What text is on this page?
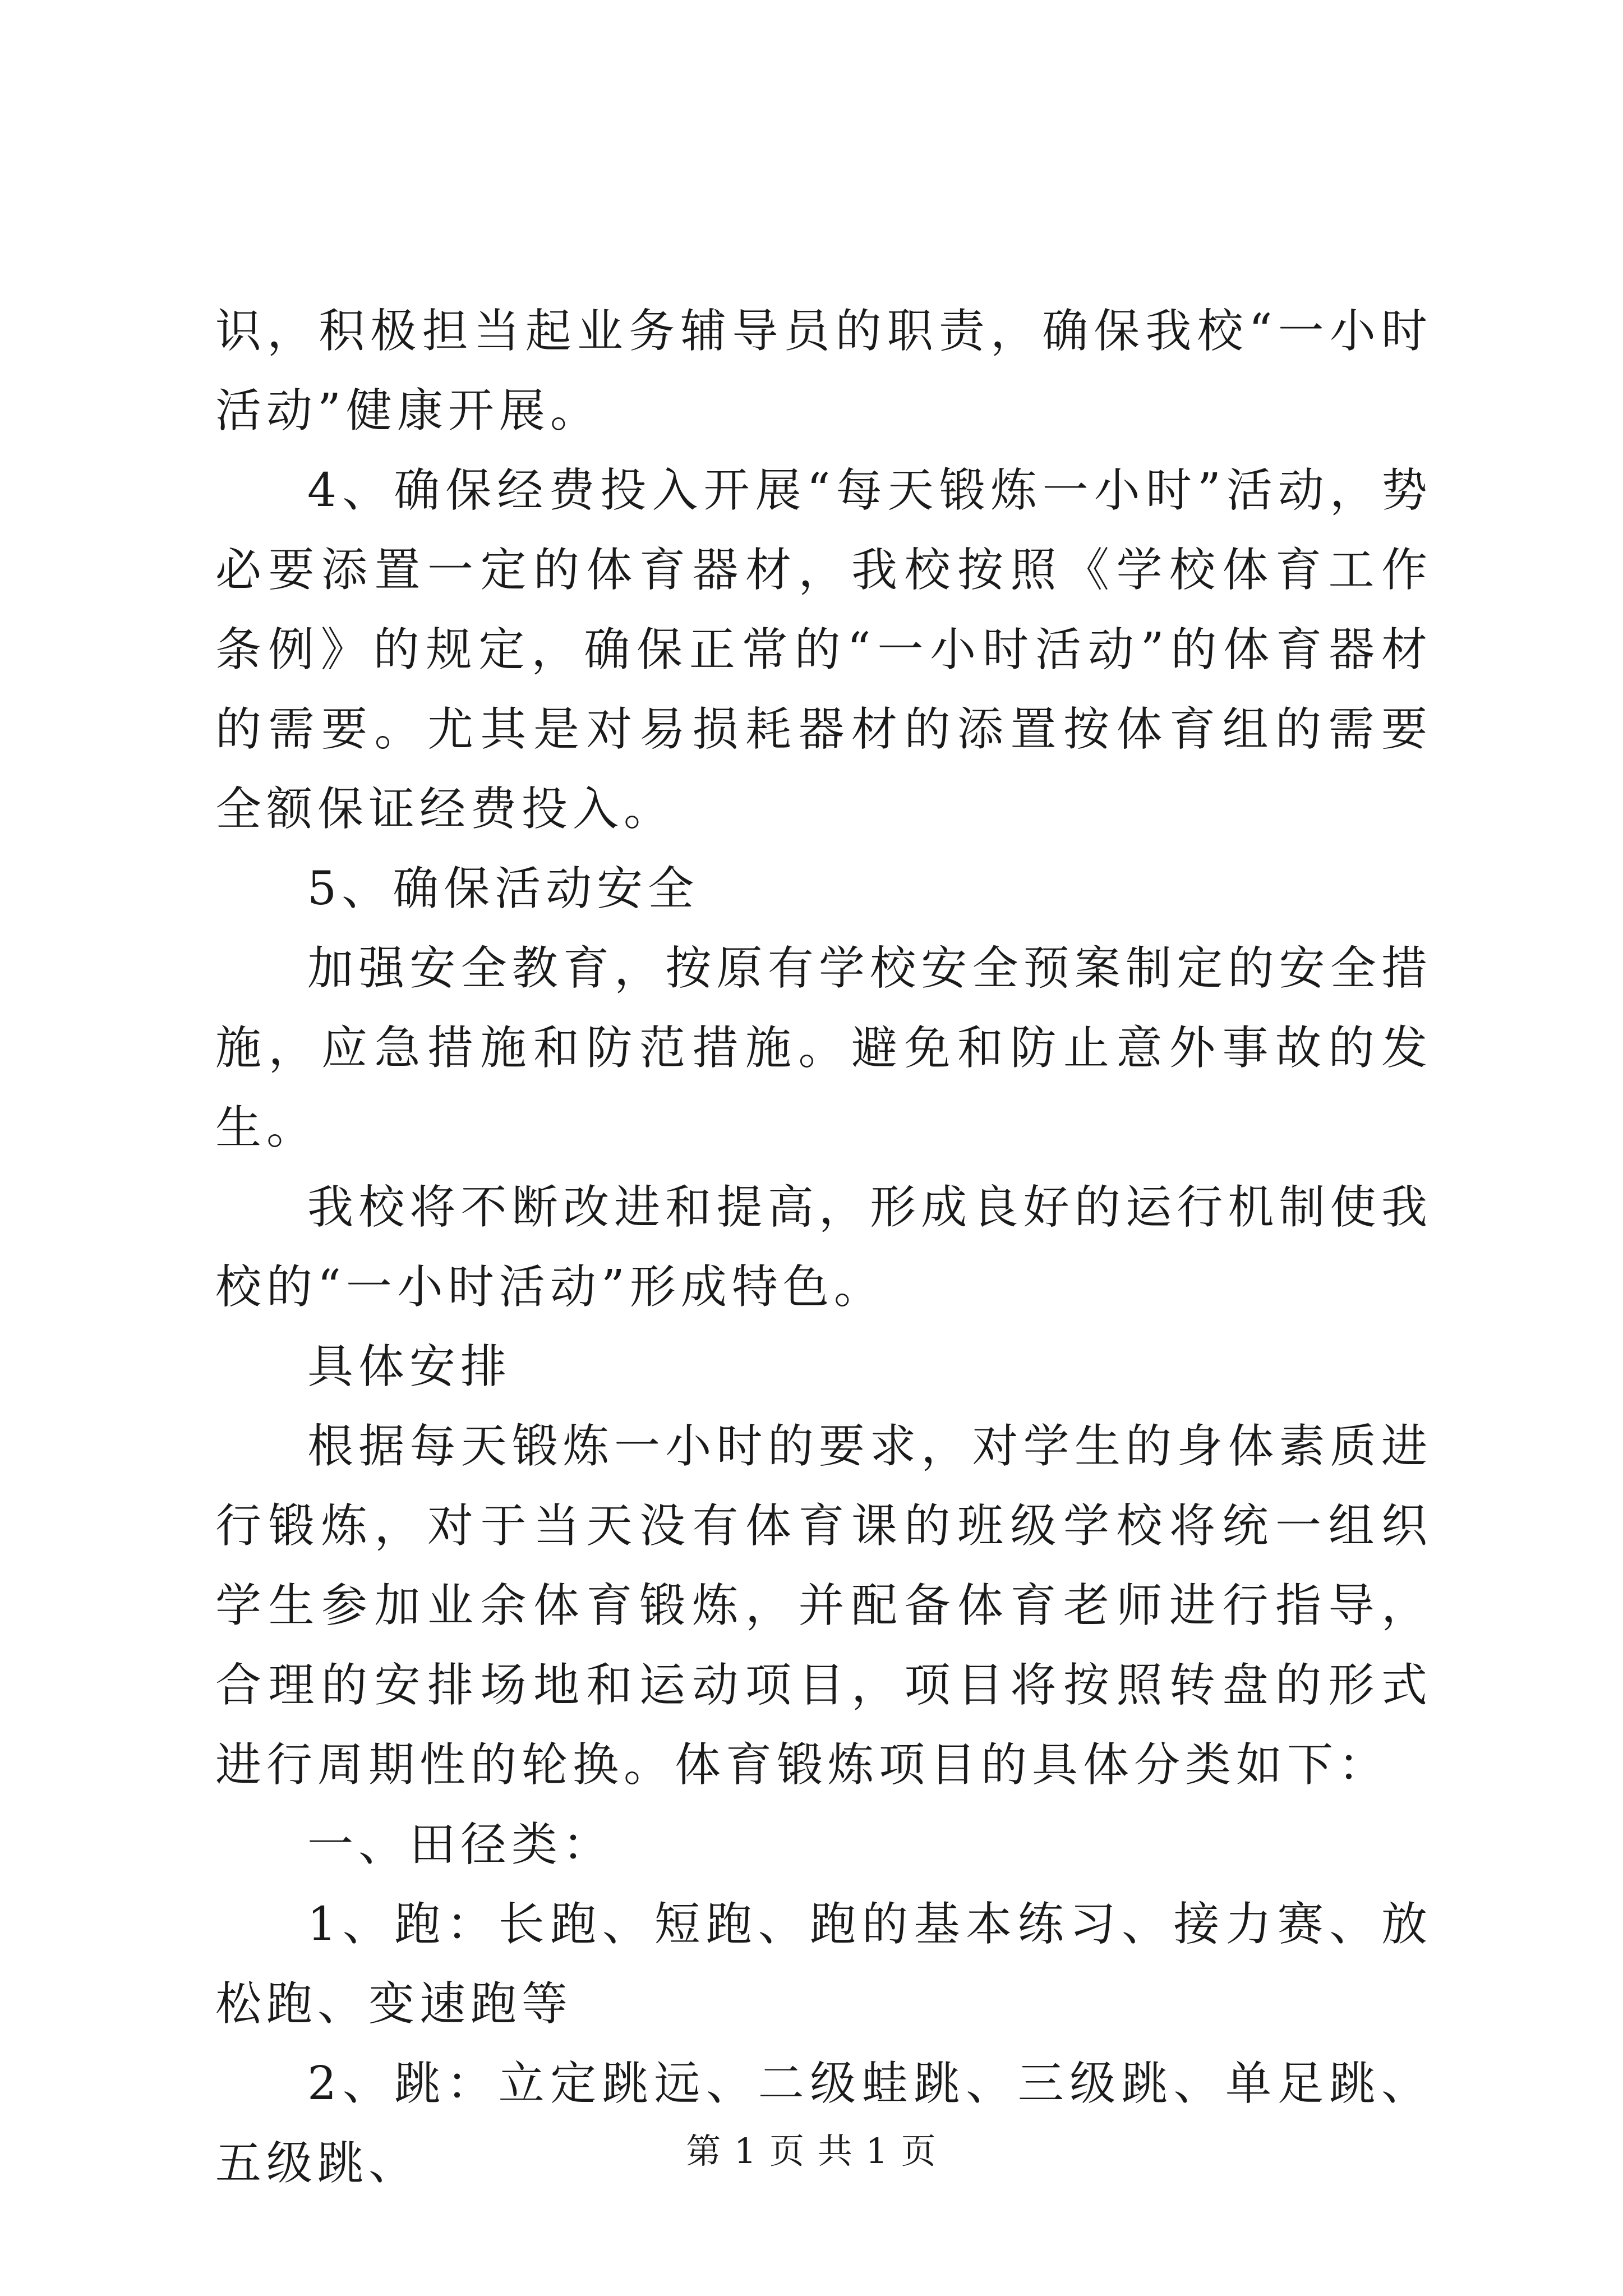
识，积极担当起业务辅导员的职责，确保我校“一小时活动”健康开展。

4、确保经费投入开展“每天锻炼一小时”活动，势必要添置一定的体育器材，我校按照《学校体育工作条例》的规定，确保正常的“一小时活动”的体育器材的需要。尤其是对易损耗器材的添置按体育组的需要全额保证经费投入。

5、确保活动安全

加强安全教育，按原有学校安全预案制定的安全措施，应急措施和防范措施。避免和防止意外事故的发生。

我校将不断改进和提高，形成良好的运行机制使我校的“一小时活动”形成特色。

具体安排

根据每天锻炼一小时的要求，对学生的身体素质进行锻炼，对于当天没有体育课的班级学校将统一组织学生参加业余体育锻炼，并配备体育老师进行指导，合理的安排场地和运动项目，项目将按照转盘的形式进行周期性的轮换。体育锻炼项目的具体分类如下：

一、田径类：

1、跑：长跑、短跑、跑的基本练习、接力赛、放松跑、变速跑等

2、跳：立定跳远、二级蛙跳、三级跳、单足跳、五级跳、	第 1 页 共 1 页
